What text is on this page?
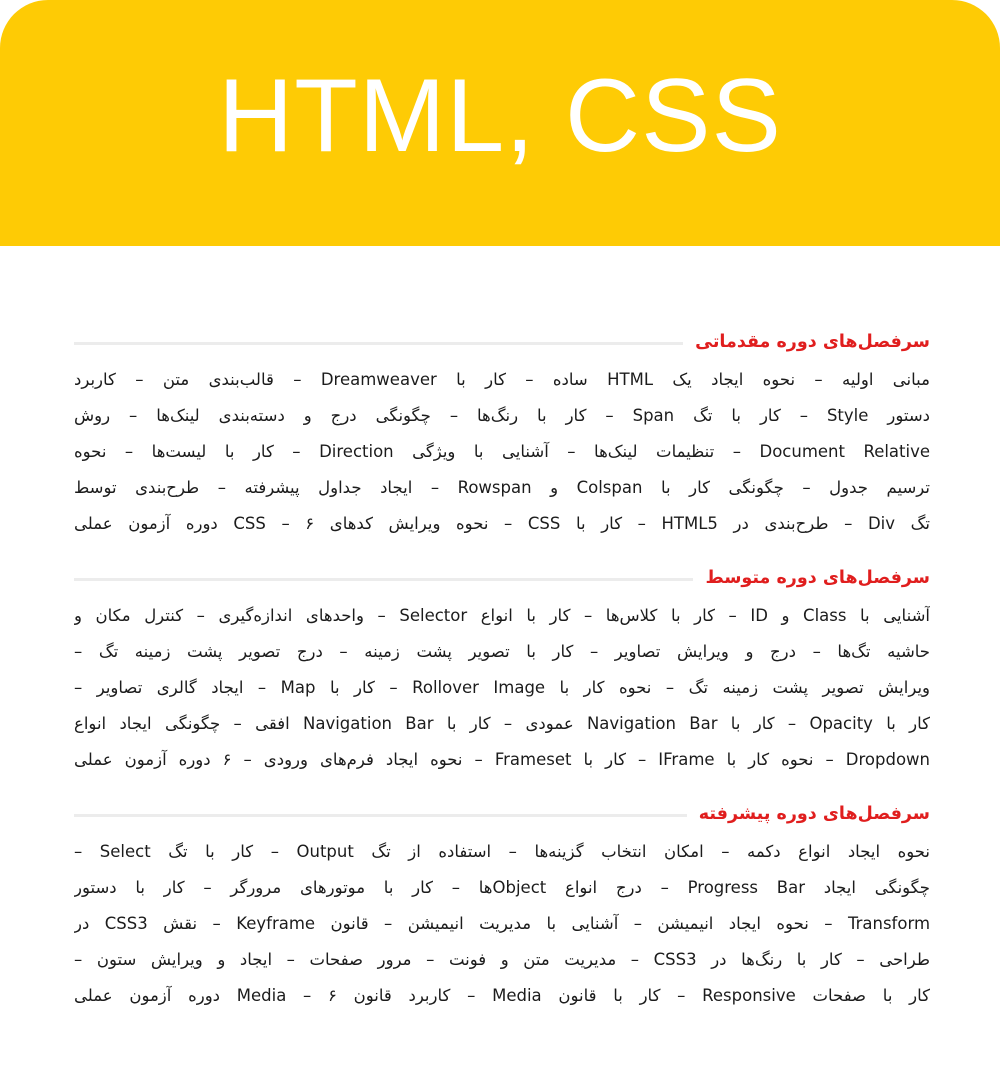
HTML, CSS
سرفصل‌های دوره مقدماتی
مبانی اولیه – نحوه ایجاد یک HTML ساده – کار با Dreamweaver – قالب‌بندی متن – کاربرد
دستور Style – کار با تگ Span – کار با رنگ‌ها – چگونگی درج و دسته‌بندی لینک‌ها – روش
Document Relative – تنظیمات لینک‌ها – آشنایی با ویژگی Direction – کار با لیست‌ها – نحوه
ترسیم جدول – چگونگی کار با Colspan و Rowspan – ایجاد جداول پیشرفته – طرح‌بندی توسط
تگ Div – طرح‌بندی در HTML5 – کار با CSS – نحوه ویرایش کدهای CSS – ۶ دوره آزمون عملی
سرفصل‌های دوره متوسط
آشنایی با Class و ID – کار با کلاس‌ها – کار با انواع Selector – واحدهای اندازه‌گیری – کنترل مکان و
حاشیه تگ‌ها – درج و ویرایش تصاویر – کار با تصویر پشت زمینه – درج تصویر پشت زمینه تگ –
ویرایش تصویر پشت زمینه تگ – نحوه کار با Rollover Image – کار با Map – ایجاد گالری تصاویر –
کار با Opacity – کار با Navigation Bar عمودی – کار با Navigation Bar افقی – چگونگی ایجاد انواع
Dropdown – نحوه کار با IFrame – کار با Frameset – نحوه ایجاد فرم‌های ورودی – ۶ دوره آزمون عملی
سرفصل‌های دوره پیشرفته
نحوه ایجاد انواع دکمه – امکان انتخاب گزینه‌ها – استفاده از تگ Output – کار با تگ Select –
چگونگی ایجاد Progress Bar – درج انواع Objectها – کار با موتورهای مرورگر – کار با دستور
Transform – نحوه ایجاد انیمیشن – آشنایی با مدیریت انیمیشن – قانون Keyframe – نقش CSS3 در
طراحی – کار با رنگ‌ها در CSS3 – مدیریت متن و فونت – مرور صفحات – ایجاد و ویرایش ستون –
کار با صفحات Responsive – کار با قانون Media – کاربرد قانون Media – ۶ دوره آزمون عملی
